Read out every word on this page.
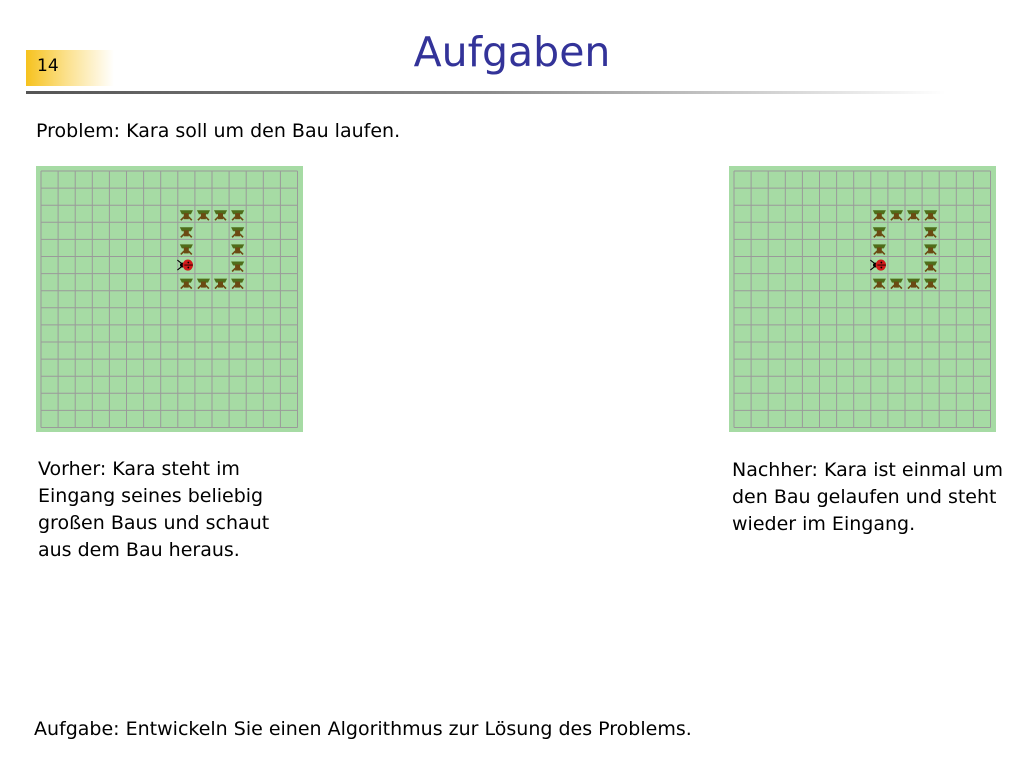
14	Aufgaben

Problem: Kara soll um den Bau laufen.

Vorher: Kara steht im Eingang seines beliebig großen Baus und schaut aus dem Bau heraus.

Nachher: Kara ist einmal um den Bau gelaufen und steht wieder im Eingang.

Aufgabe: Entwickeln Sie einen Algorithmus zur Lösung des Problems.
